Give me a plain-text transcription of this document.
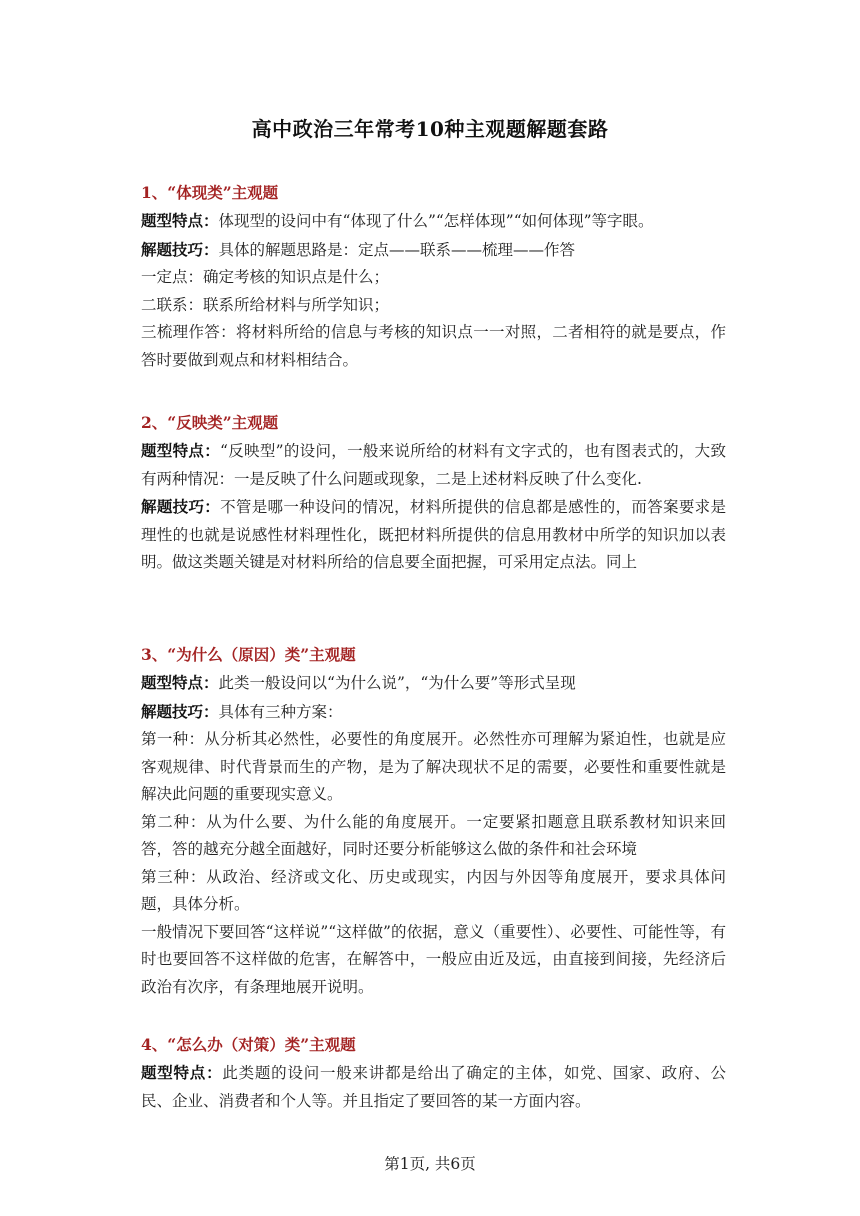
高中政治三年常考10种主观题解题套路
1、“体现类”主观题

题型特点：体现型的设问中有“体现了什么”“怎样体现”“如何体现”等字眼。

解题技巧：具体的解题思路是：定点——联系——梳理——作答

一定点：确定考核的知识点是什么；

二联系：联系所给材料与所学知识；

三梳理作答：将材料所给的信息与考核的知识点一一对照，二者相符的就是要点，作答时要做到观点和材料相结合。

2、“反映类”主观题

题型特点：“反映型”的设问，一般来说所给的材料有文字式的，也有图表式的，大致有两种情况：一是反映了什么问题或现象，二是上述材料反映了什么变化.

解题技巧：不管是哪一种设问的情况，材料所提供的信息都是感性的，而答案要求是理性的也就是说感性材料理性化，既把材料所提供的信息用教材中所学的知识加以表明。做这类题关键是对材料所给的信息要全面把握，可采用定点法。同上

3、“为什么（原因）类”主观题

题型特点：此类一般设问以“为什么说”，“为什么要”等形式呈现

解题技巧：具体有三种方案：

第一种：从分析其必然性，必要性的角度展开。必然性亦可理解为紧迫性，也就是应客观规律、时代背景而生的产物，是为了解决现状不足的需要，必要性和重要性就是解决此问题的重要现实意义。

第二种：从为什么要、为什么能的角度展开。一定要紧扣题意且联系教材知识来回答，答的越充分越全面越好，同时还要分析能够这么做的条件和社会环境

第三种：从政治、经济或文化、历史或现实，内因与外因等角度展开，要求具体问题，具体分析。

一般情况下要回答“这样说”“这样做”的依据，意义（重要性）、必要性、可能性等，有时也要回答不这样做的危害，在解答中，一般应由近及远，由直接到间接，先经济后政治有次序，有条理地展开说明。

4、“怎么办（对策）类”主观题

题型特点：此类题的设问一般来讲都是给出了确定的主体，如党、国家、政府、公民、企业、消费者和个人等。并且指定了要回答的某一方面内容。

第1页, 共6页
